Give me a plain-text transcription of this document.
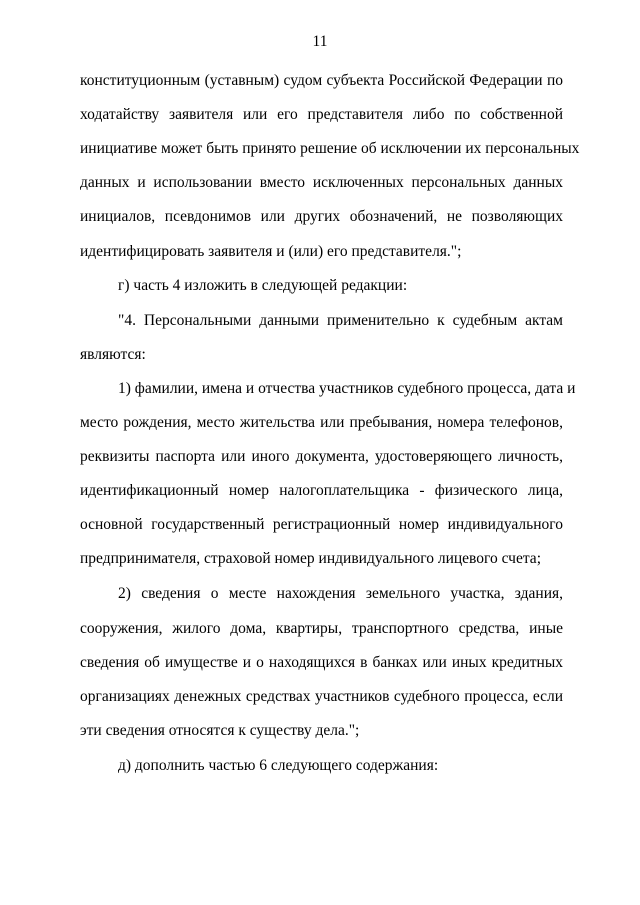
11

конституционным (уставным) судом субъекта Российской Федерации по

ходатайству заявителя или его представителя либо по собственной

инициативе может быть принято решение об исключении их персональных

данных и использовании вместо исключенных персональных данных

инициалов, псевдонимов или других обозначений, не позволяющих

идентифицировать заявителя и (или) его представителя.";

г) часть 4 изложить в следующей редакции:

"4. Персональными данными применительно к судебным актам

являются:

1) фамилии, имена и отчества участников судебного процесса, дата и

место рождения, место жительства или пребывания, номера телефонов,

реквизиты паспорта или иного документа, удостоверяющего личность,

идентификационный номер налогоплательщика - физического лица,

основной государственный регистрационный номер индивидуального

предпринимателя, страховой номер индивидуального лицевого счета;

2) сведения о месте нахождения земельного участка, здания,

сооружения, жилого дома, квартиры, транспортного средства, иные

сведения об имуществе и о находящихся в банках или иных кредитных

организациях денежных средствах участников судебного процесса, если

эти сведения относятся к существу дела.";

д) дополнить частью 6 следующего содержания:
